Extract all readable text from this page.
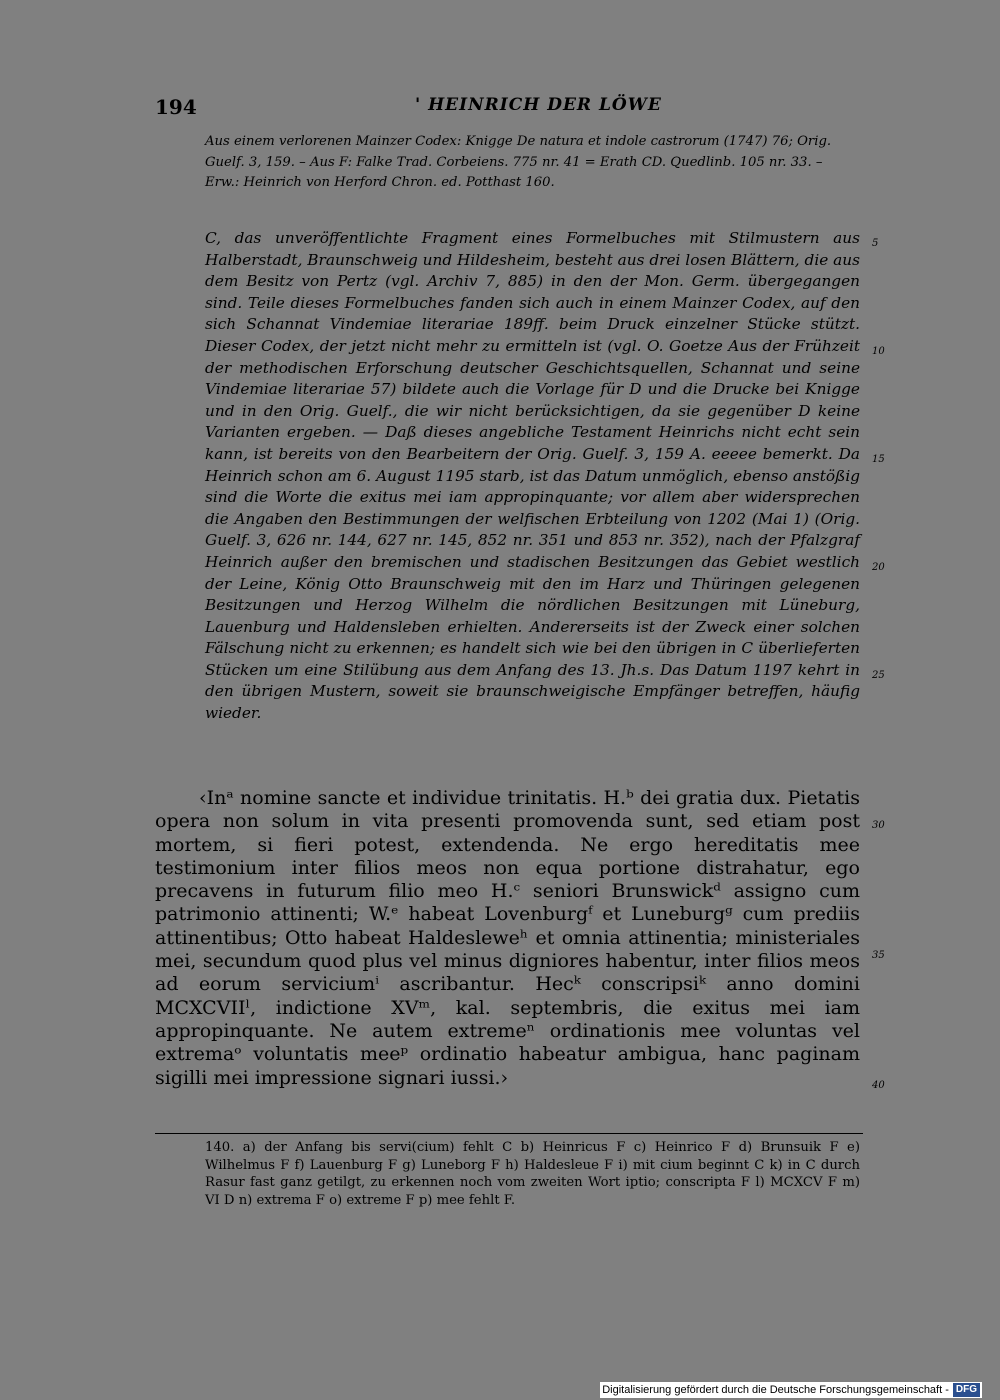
194	' HEINRICH DER LÖWE
Aus einem verlorenen Mainzer Codex: Knigge De natura et indole castrorum (1747) 76; Orig. Guelf. 3, 159. – Aus F: Falke Trad. Corbeiens. 775 nr. 41 = Erath CD. Quedlinb. 105 nr. 33. – Erw.: Heinrich von Herford Chron. ed. Potthast 160.

C, das unveröffentlichte Fragment eines Formelbuches mit Stilmustern aus Halberstadt, Braunschweig und Hildesheim, besteht aus drei losen Blättern, die aus dem Besitz von Pertz (vgl. Archiv 7, 885) in den der Mon. Germ. übergegangen sind. Teile dieses Formelbuches fanden sich auch in einem Mainzer Codex, auf den sich Schannat Vindemiae literariae 189ff. beim Druck einzelner Stücke stützt. Dieser Codex, der jetzt nicht mehr zu ermitteln ist (vgl. O. Goetze Aus der Frühzeit der methodischen Erforschung deutscher Geschichtsquellen, Schannat und seine Vindemiae literariae 57) bildete auch die Vorlage für D und die Drucke bei Knigge und in den Orig. Guelf., die wir nicht berücksichtigen, da sie gegenüber D keine Varianten ergeben. — Daß dieses angebliche Testament Heinrichs nicht echt sein kann, ist bereits von den Bearbeitern der Orig. Guelf. 3, 159 A. eeeee bemerkt. Da Heinrich schon am 6. August 1195 starb, ist das Datum unmöglich, ebenso anstößig sind die Worte die exitus mei iam appropinquante; vor allem aber widersprechen die Angaben den Bestimmungen der welfischen Erbteilung von 1202 (Mai 1) (Orig. Guelf. 3, 626 nr. 144, 627 nr. 145, 852 nr. 351 und 853 nr. 352), nach der Pfalzgraf Heinrich außer den bremischen und stadischen Besitzungen das Gebiet westlich der Leine, König Otto Braunschweig mit den im Harz und Thüringen gelegenen Besitzungen und Herzog Wilhelm die nördlichen Besitzungen mit Lüneburg, Lauenburg und Haldensleben erhielten. Andererseits ist der Zweck einer solchen Fälschung nicht zu erkennen; es handelt sich wie bei den übrigen in C überlieferten Stücken um eine Stilübung aus dem Anfang des 13. Jh.s. Das Datum 1197 kehrt in den übrigen Mustern, soweit sie braunschweigische Empfänger betreffen, häufig wieder.

5
10
15
20
25
30
35
40

‹Inᵃ nomine sancte et individue trinitatis. H.ᵇ dei gratia dux. Pietatis opera non solum in vita presenti promovenda sunt, sed etiam post mortem, si fieri potest, extendenda. Ne ergo hereditatis mee testimonium inter filios meos non equa portione distrahatur, ego precavens in futurum filio meo H.ᶜ seniori Brunswickᵈ assigno cum patrimonio attinenti; W.ᵉ habeat Lovenburgᶠ et Luneburgᵍ cum prediis attinentibus; Otto habeat Haldesleweʰ et omnia attinentia; ministeriales mei, secundum quod plus vel minus digniores habentur, inter filios meos ad eorum serviciumⁱ ascribantur. Hecᵏ conscripsiᵏ anno domini MCXCVIIˡ, indictione XVᵐ, kal. septembris, die exitus mei iam appropinquante. Ne autem extremeⁿ ordinationis mee voluntas vel extremaᵒ voluntatis meeᵖ ordinatio habeatur ambigua, hanc paginam sigilli mei impressione signari iussi.›

140. a) der Anfang bis servi(cium) fehlt C b) Heinricus F c) Heinrico F d) Brunsuik F e) Wilhelmus F f) Lauenburg F g) Luneborg F h) Haldesleue F i) mit cium beginnt C k) in C durch Rasur fast ganz getilgt, zu erkennen noch vom zweiten Wort iptio; conscripta F l) MCXCV F m) VI D n) extrema F o) extreme F p) mee fehlt F.

Digitalisierung gefördert durch die Deutsche Forschungsgemeinschaft - DFG
